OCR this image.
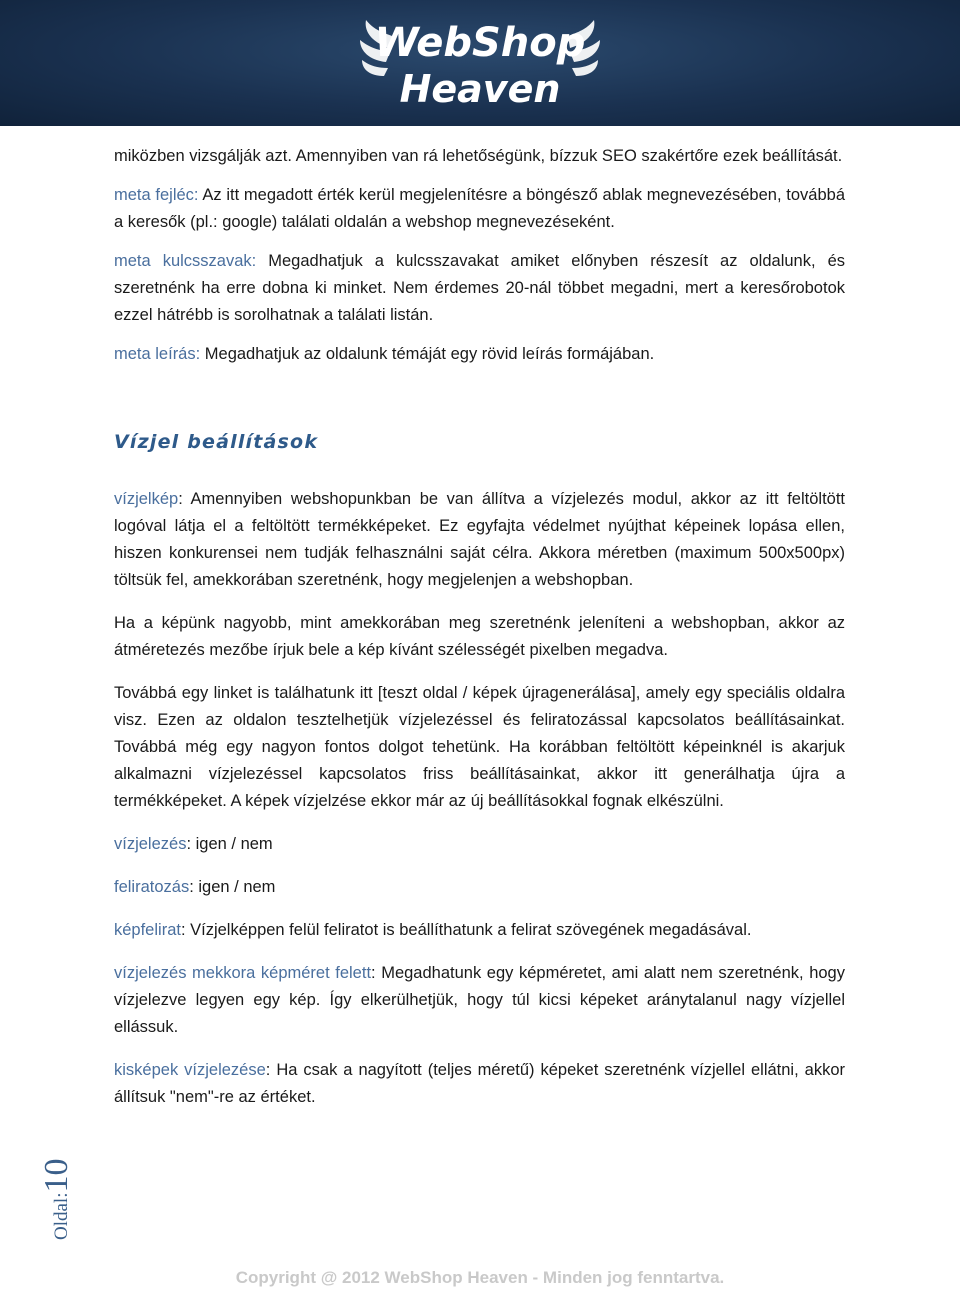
WebShop
Heaven

miközben vizsgálják azt. Amennyiben van rá lehetőségünk, bízzuk SEO szakértőre ezek beállítását.

meta fejléc: Az itt megadott érték kerül megjelenítésre a böngésző ablak megnevezésében, továbbá a keresők (pl.: google) találati oldalán a webshop megnevezéseként.

meta kulcsszavak: Megadhatjuk a kulcsszavakat amiket előnyben részesít az oldalunk, és szeretnénk ha erre dobna ki minket. Nem érdemes 20-nál többet megadni, mert a keresőrobotok ezzel hátrébb is sorolhatnak a találati listán.

meta leírás: Megadhatjuk az oldalunk témáját egy rövid leírás formájában.

Vízjel beállítások

vízjelkép: Amennyiben webshopunkban be van állítva a vízjelezés modul, akkor az itt feltöltött logóval látja el a feltöltött termékképeket. Ez egyfajta védelmet nyújthat képeinek lopása ellen, hiszen konkurensei nem tudják felhasználni saját célra. Akkora méretben (maximum 500x500px) töltsük fel, amekkorában szeretnénk, hogy megjelenjen a webshopban.

Ha a képünk nagyobb, mint amekkorában meg szeretnénk jeleníteni a webshopban, akkor az átméretezés mezőbe írjuk bele a kép kívánt szélességét pixelben megadva.

Továbbá egy linket is találhatunk itt [teszt oldal / képek újragenerálása], amely egy speciális oldalra visz. Ezen az oldalon tesztelhetjük vízjelezéssel és feliratozással kapcsolatos beállításainkat. Továbbá még egy nagyon fontos dolgot tehetünk. Ha korábban feltöltött képeinknél is akarjuk alkalmazni vízjelezéssel kapcsolatos friss beállításainkat, akkor itt generálhatja újra a termékképeket. A képek vízjelzése ekkor már az új beállításokkal fognak elkészülni.

vízjelezés: igen / nem

feliratozás: igen / nem

képfelirat: Vízjelképpen felül feliratot is beállíthatunk a felirat szövegének megadásával.

vízjelezés mekkora képméret felett: Megadhatunk egy képméretet, ami alatt nem szeretnénk, hogy vízjelezve legyen egy kép. Így elkerülhetjük, hogy túl kicsi képeket aránytalanul nagy vízjellel ellássuk.

kisképek vízjelezése: Ha csak a nagyított (teljes méretű) képeket szeretnénk vízjellel ellátni, akkor állítsuk "nem"-re az értéket.

Oldal:10
Copyright @ 2012 WebShop Heaven - Minden jog fenntartva.
